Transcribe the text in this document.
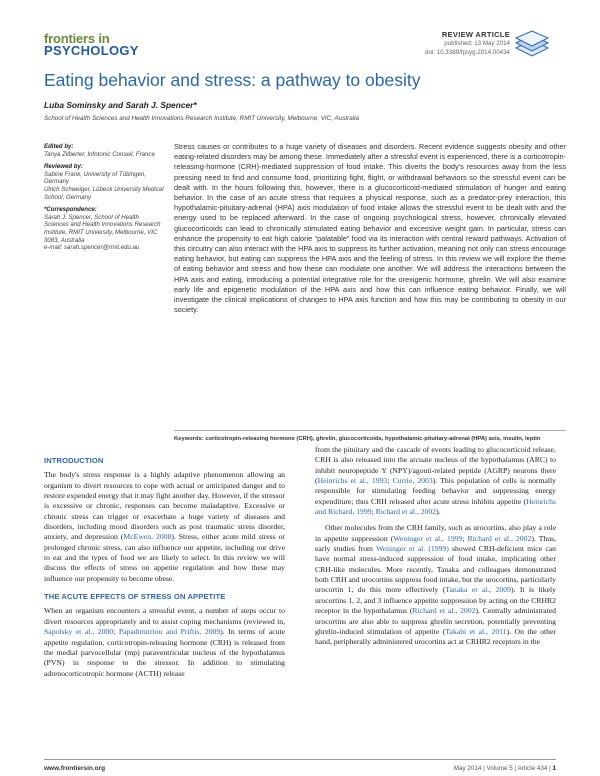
frontiers in
PSYCHOLOGY
REVIEW ARTICLE
published: 13 May 2014
doi: 10.3389/fpsyg.2014.00434
Eating behavior and stress: a pathway to obesity
Luba Sominsky and Sarah J. Spencer*
School of Health Sciences and Health Innovations Research Institute, RMIT University, Melbourne, VIC, Australia
Edited by:
Tanya Zilberter, Infotonic Conseil, France
Reviewed by:
Sabine Frank, University of Tübingen, Germany
Ulrich Schweiger, Lübeck University Medical School, Germany
*Correspondence:
Sarah J. Spencer, School of Health Sciences and Health Innovations Research Institute, RMIT University, Melbourne, VIC 3083, Australia
e-mail: sarah.spencer@rmit.edu.au
Stress causes or contributes to a huge variety of diseases and disorders. Recent evidence suggests obesity and other eating-related disorders may be among these. Immediately after a stressful event is experienced, there is a corticotropin-releasing-hormone (CRH)-mediated suppression of food intake. This diverts the body's resources away from the less pressing need to find and consume food, prioritizing fight, flight, or withdrawal behaviors so the stressful event can be dealt with. In the hours following this, however, there is a glucocorticoid-mediated stimulation of hunger and eating behavior. In the case of an acute stress that requires a physical response, such as a predator-prey interaction, this hypothalamic-pituitary-adrenal (HPA) axis modulation of food intake allows the stressful event to be dealt with and the energy used to be replaced afterward. In the case of ongoing psychological stress, however, chronically elevated glucocorticoids can lead to chronically stimulated eating behavior and excessive weight gain. In particular, stress can enhance the propensity to eat high calorie “palatable” food via its interaction with central reward pathways. Activation of this circuitry can also interact with the HPA axis to suppress its further activation, meaning not only can stress encourage eating behavior, but eating can suppress the HPA axis and the feeling of stress. In this review we will explore the theme of eating behavior and stress and how these can modulate one another. We will address the interactions between the HPA axis and eating, introducing a potential integrative role for the orexigenic hormone, ghrelin. We will also examine early life and epigenetic modulation of the HPA axis and how this can influence eating behavior. Finally, we will investigate the clinical implications of changes to HPA axis function and how this may be contributing to obesity in our society.
Keywords: corticotropin-releasing hormone (CRH), ghrelin, glucocorticoids, hypothalamic-pituitary-adrenal (HPA) axis, insulin, leptin
INTRODUCTION

The body's stress response is a highly adaptive phenomenon allowing an organism to divert resources to cope with actual or anticipated danger and to restore expended energy that it may fight another day. However, if the stressor is excessive or chronic, responses can become maladaptive. Excessive or chronic stress can trigger or exacerbate a huge variety of diseases and disorders, including mood disorders such as post traumatic stress disorder, anxiety, and depression (McEwen, 2008). Stress, either acute mild stress or prolonged chronic stress, can also influence our appetite, including our drive to eat and the types of food we are likely to select. In this review we will discuss the effects of stress on appetite regulation and how these may influence our propensity to become obese.

THE ACUTE EFFECTS OF STRESS ON APPETITE

When an organism encounters a stressful event, a number of steps occur to divert resources appropriately and to assist coping mechanisms (reviewed in, Sapolsky et al., 2000; Papadimitriou and Priftis, 2009). In terms of acute appetite regulation, corticotropin-releasing hormone (CRH) is released from the medial parvocellular (mp) paraventricular nucleus of the hypothalamus (PVN) in response to the stressor. In addition to stimulating adrenocorticotropic hormone (ACTH) release

from the pituitary and the cascade of events leading to glucocorticoid release, CRH is also released into the arcuate nucleus of the hypothalamus (ARC) to inhibit neuropeptide Y (NPY)/agouti-related peptide (AGRP) neurons there (Heinrichs et al., 1993; Currie, 2003). This population of cells is normally responsible for stimulating feeding behavior and suppressing energy expenditure; thus CRH released after acute stress inhibits appetite (Heinrichs and Richard, 1999; Richard et al., 2002).

Other molecules from the CRH family, such as urocortins, also play a role in appetite suppression (Weninger et al., 1999; Richard et al., 2002). Thus, early studies from Weninger et al. (1999) showed CRH-deficient mice can have normal stress-induced suppression of food intake, implicating other CRH-like molecules. More recently, Tanaka and colleagues demonstrated both CRH and urocortins suppress food intake, but the urocortins, particularly urocortin 1, do this more effectively (Tanaka et al., 2009). It is likely urocortins 1, 2, and 3 influence appetite suppression by acting on the CRHR2 receptor in the hypothalamus (Richard et al., 2002). Centrally administrated urocortins are also able to suppress ghrelin secretion, potentially preventing ghrelin-induced stimulation of appetite (Takabi et al., 2011). On the other hand, peripherally administered urocortins act at CRHR2 receptors in the

www.frontiersin.org	May 2014 | Volume 5 | Article 434 | 1
